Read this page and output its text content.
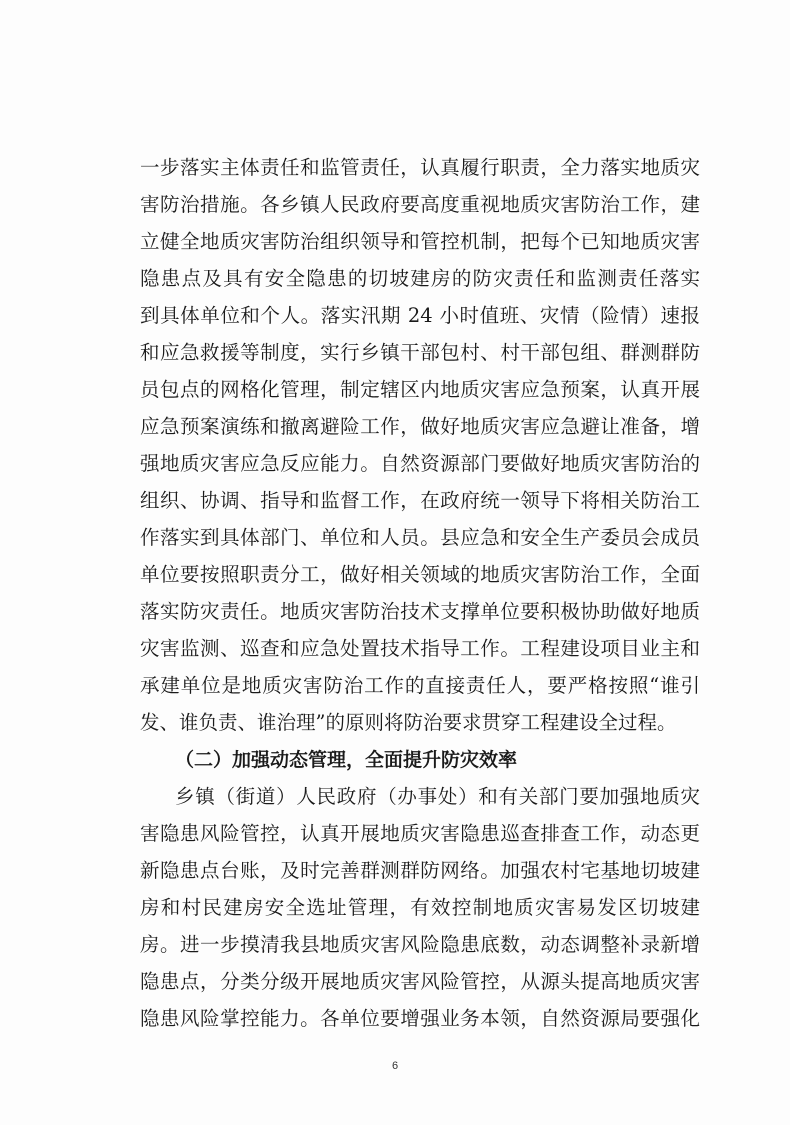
一步落实主体责任和监管责任，认真履行职责，全力落实地质灾
害防治措施。各乡镇人民政府要高度重视地质灾害防治工作，建
立健全地质灾害防治组织领导和管控机制，把每个已知地质灾害
隐患点及具有安全隐患的切坡建房的防灾责任和监测责任落实
到具体单位和个人。落实汛期 24 小时值班、灾情（险情）速报
和应急救援等制度，实行乡镇干部包村、村干部包组、群测群防
员包点的网格化管理，制定辖区内地质灾害应急预案，认真开展
应急预案演练和撤离避险工作，做好地质灾害应急避让准备，增
强地质灾害应急反应能力。自然资源部门要做好地质灾害防治的
组织、协调、指导和监督工作，在政府统一领导下将相关防治工
作落实到具体部门、单位和人员。县应急和安全生产委员会成员
单位要按照职责分工，做好相关领域的地质灾害防治工作，全面
落实防灾责任。地质灾害防治技术支撑单位要积极协助做好地质
灾害监测、巡查和应急处置技术指导工作。工程建设项目业主和
承建单位是地质灾害防治工作的直接责任人，要严格按照“谁引
发、谁负责、谁治理”的原则将防治要求贯穿工程建设全过程。
（二）加强动态管理，全面提升防灾效率
乡镇（街道）人民政府（办事处）和有关部门要加强地质灾
害隐患风险管控，认真开展地质灾害隐患巡查排查工作，动态更
新隐患点台账，及时完善群测群防网络。加强农村宅基地切坡建
房和村民建房安全选址管理，有效控制地质灾害易发区切坡建
房。进一步摸清我县地质灾害风险隐患底数，动态调整补录新增
隐患点，分类分级开展地质灾害风险管控，从源头提高地质灾害
隐患风险掌控能力。各单位要增强业务本领，自然资源局要强化
6
